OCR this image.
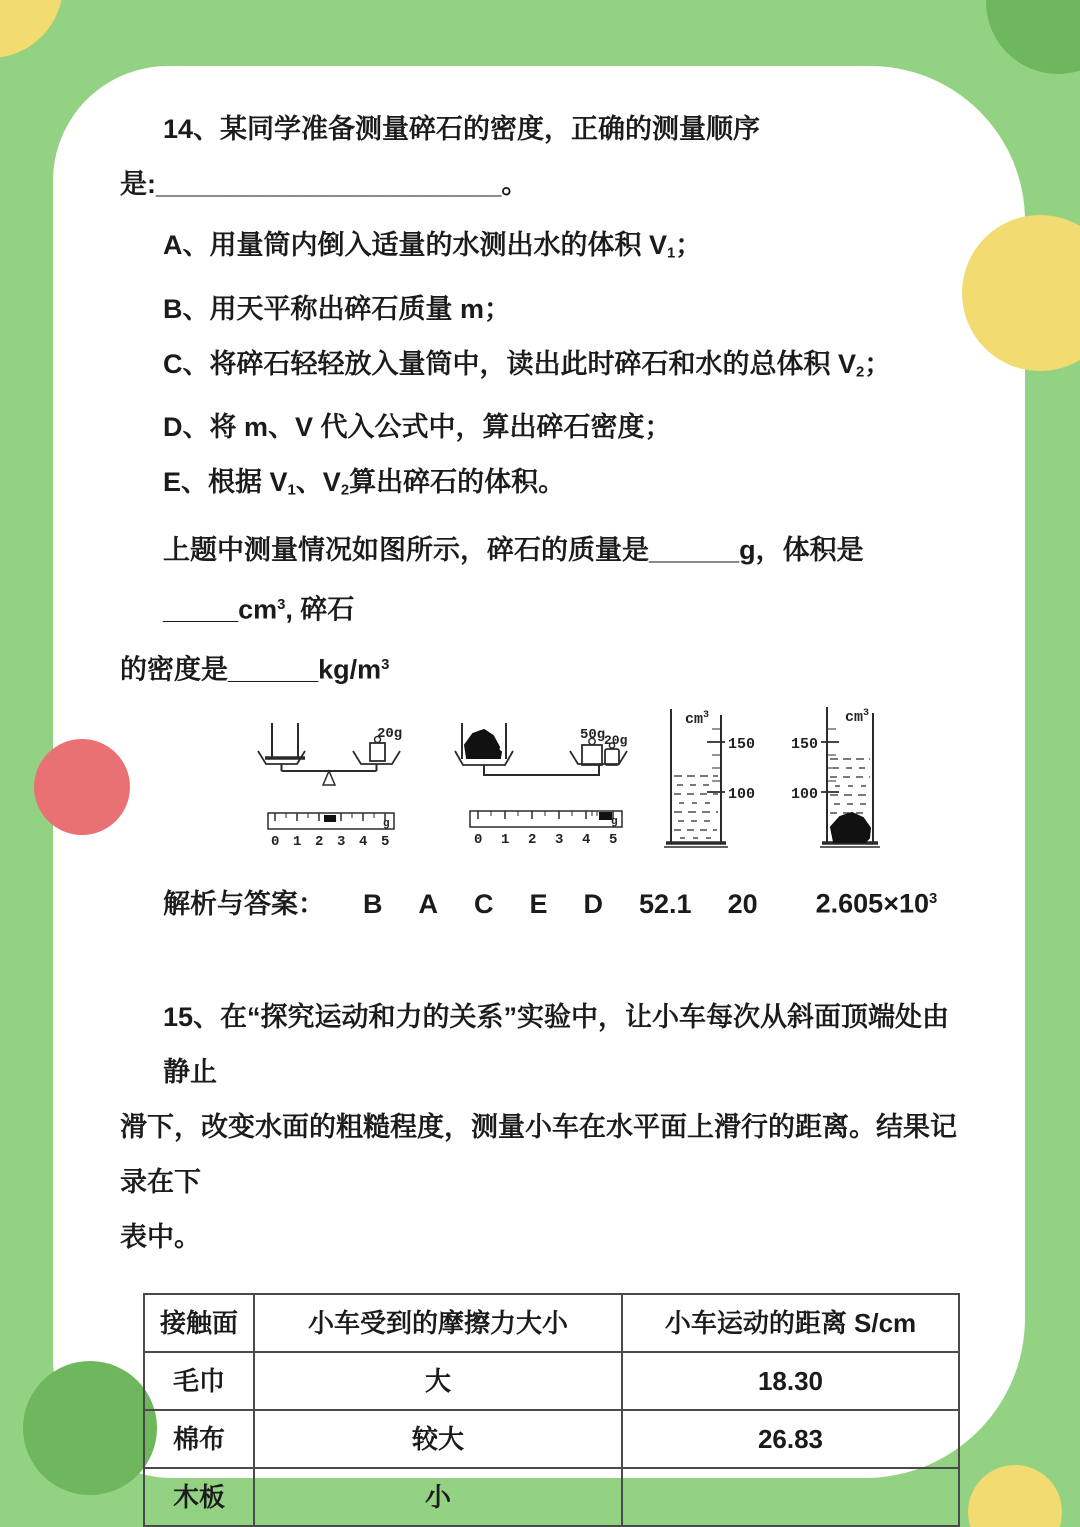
14、某同学准备测量碎石的密度，正确的测量顺序

是:_______________________。

A、用量筒内倒入适量的水测出水的体积 $V_1$；

B、用天平称出碎石质量 m；

C、将碎石轻轻放入量筒中，读出此时碎石和水的总体积 $V_2$；

D、将 m、V 代入公式中，算出碎石密度；

E、根据 $V_1$、$V_2$算出碎石的体积。

上题中测量情况如图所示，碎石的质量是______g，体积是$\_\_\_\_\_cm^3$, 碎石

的密度是$\_\_\_\_\_\_kg/m^3$

20g
0 1 2 3 4 5
g
50g
20g
0 1 2 3 4 5
g
$cm^3$
150
100
$cm^3$
150
100
解析与答案： B A C E D 52.1 20 $2.605\times 10^3$

15、在“探究运动和力的关系”实验中，让小车每次从斜面顶端处由静止

滑下，改变水面的粗糙程度，测量小车在水平面上滑行的距离。结果记录在下

表中。

接触面	小车受到的摩擦力大小	小车运动的距离 S/cm
毛巾	大	18.30
棉布	较大	26.83
木板	小	
